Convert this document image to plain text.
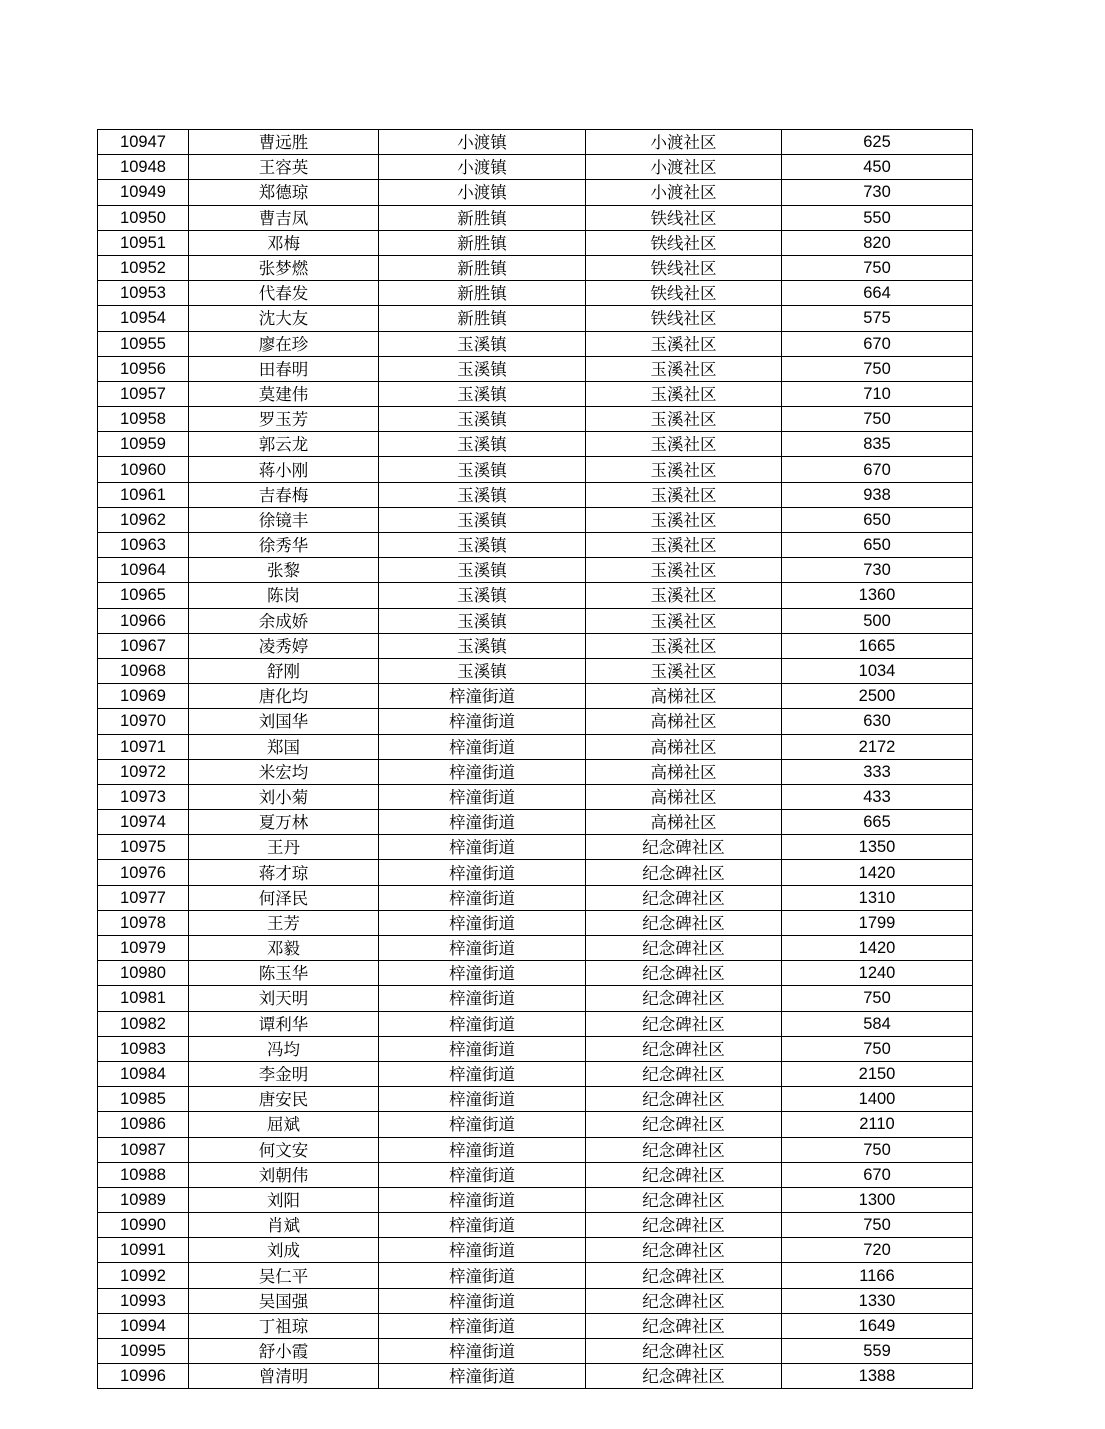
10947	曹远胜	小渡镇	小渡社区	625
10948	王容英	小渡镇	小渡社区	450
10949	郑德琼	小渡镇	小渡社区	730
10950	曹吉凤	新胜镇	铁线社区	550
10951	邓梅	新胜镇	铁线社区	820
10952	张梦燃	新胜镇	铁线社区	750
10953	代春发	新胜镇	铁线社区	664
10954	沈大友	新胜镇	铁线社区	575
10955	廖在珍	玉溪镇	玉溪社区	670
10956	田春明	玉溪镇	玉溪社区	750
10957	莫建伟	玉溪镇	玉溪社区	710
10958	罗玉芳	玉溪镇	玉溪社区	750
10959	郭云龙	玉溪镇	玉溪社区	835
10960	蒋小刚	玉溪镇	玉溪社区	670
10961	吉春梅	玉溪镇	玉溪社区	938
10962	徐镜丰	玉溪镇	玉溪社区	650
10963	徐秀华	玉溪镇	玉溪社区	650
10964	张黎	玉溪镇	玉溪社区	730
10965	陈岗	玉溪镇	玉溪社区	1360
10966	余成娇	玉溪镇	玉溪社区	500
10967	凌秀婷	玉溪镇	玉溪社区	1665
10968	舒刚	玉溪镇	玉溪社区	1034
10969	唐化均	梓潼街道	高梯社区	2500
10970	刘国华	梓潼街道	高梯社区	630
10971	郑国	梓潼街道	高梯社区	2172
10972	米宏均	梓潼街道	高梯社区	333
10973	刘小菊	梓潼街道	高梯社区	433
10974	夏万林	梓潼街道	高梯社区	665
10975	王丹	梓潼街道	纪念碑社区	1350
10976	蒋才琼	梓潼街道	纪念碑社区	1420
10977	何泽民	梓潼街道	纪念碑社区	1310
10978	王芳	梓潼街道	纪念碑社区	1799
10979	邓毅	梓潼街道	纪念碑社区	1420
10980	陈玉华	梓潼街道	纪念碑社区	1240
10981	刘天明	梓潼街道	纪念碑社区	750
10982	谭利华	梓潼街道	纪念碑社区	584
10983	冯均	梓潼街道	纪念碑社区	750
10984	李金明	梓潼街道	纪念碑社区	2150
10985	唐安民	梓潼街道	纪念碑社区	1400
10986	屈斌	梓潼街道	纪念碑社区	2110
10987	何文安	梓潼街道	纪念碑社区	750
10988	刘朝伟	梓潼街道	纪念碑社区	670
10989	刘阳	梓潼街道	纪念碑社区	1300
10990	肖斌	梓潼街道	纪念碑社区	750
10991	刘成	梓潼街道	纪念碑社区	720
10992	吴仁平	梓潼街道	纪念碑社区	1166
10993	吴国强	梓潼街道	纪念碑社区	1330
10994	丁祖琼	梓潼街道	纪念碑社区	1649
10995	舒小霞	梓潼街道	纪念碑社区	559
10996	曾清明	梓潼街道	纪念碑社区	1388
